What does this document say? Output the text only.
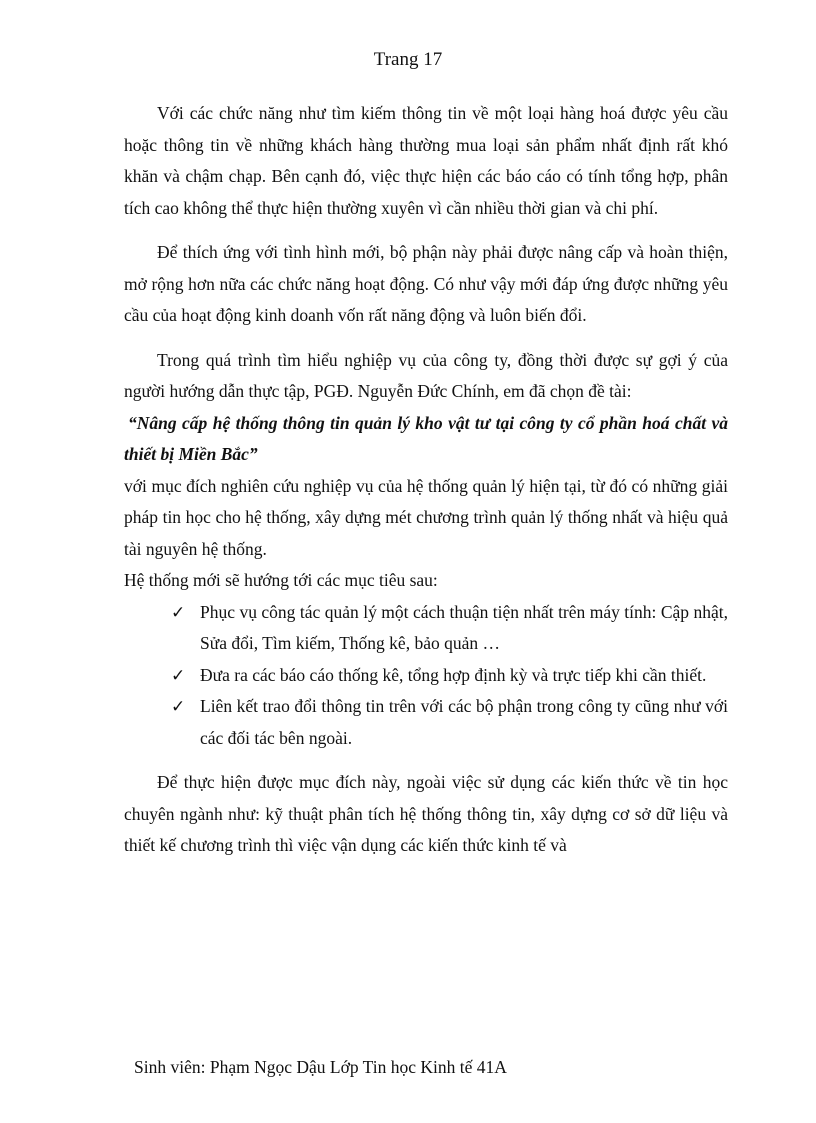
Trang 17

Với các chức năng như tìm kiếm thông tin về một loại hàng hoá được yêu cầu hoặc thông tin về những khách hàng thường mua loại sản phẩm nhất định rất khó khăn và chậm chạp. Bên cạnh đó, việc thực hiện các báo cáo có tính tổng hợp, phân tích cao không thể thực hiện thường xuyên vì cần nhiều thời gian và chi phí.

Để thích ứng với tình hình mới, bộ phận này phải được nâng cấp và hoàn thiện, mở rộng hơn nữa các chức năng hoạt động. Có như vậy mới đáp ứng được những yêu cầu của hoạt động kinh doanh vốn rất năng động và luôn biến đổi.

Trong quá trình tìm hiểu nghiệp vụ của công ty, đồng thời được sự gợi ý của người hướng dẫn thực tập, PGĐ. Nguyễn Đức Chính, em đã chọn đề tài:

“Nâng cấp hệ thống thông tin quản lý kho vật tư tại công ty cổ phần hoá chất và thiết bị Miền Bắc”

với mục đích nghiên cứu nghiệp vụ của hệ thống quản lý hiện tại, từ đó có những giải pháp tin học cho hệ thống, xây dựng mét chương trình quản lý thống nhất và hiệu quả tài nguyên hệ thống.

Hệ thống mới sẽ hướng tới các mục tiêu sau:

✓ Phục vụ công tác quản lý một cách thuận tiện nhất trên máy tính: Cập nhật, Sửa đổi, Tìm kiếm, Thống kê, bảo quản …
✓ Đưa ra các báo cáo thống kê, tổng hợp định kỳ và trực tiếp khi cần thiết.
✓ Liên kết trao đổi thông tin trên với các bộ phận trong công ty cũng như với các đối tác bên ngoài.

Để thực hiện được mục đích này, ngoài việc sử dụng các kiến thức về tin học chuyên ngành như: kỹ thuật phân tích hệ thống thông tin, xây dựng cơ sở dữ liệu và thiết kế chương trình thì việc vận dụng các kiến thức kinh tế và

Sinh viên: Phạm Ngọc Dậu Lớp Tin học Kinh tế 41A
